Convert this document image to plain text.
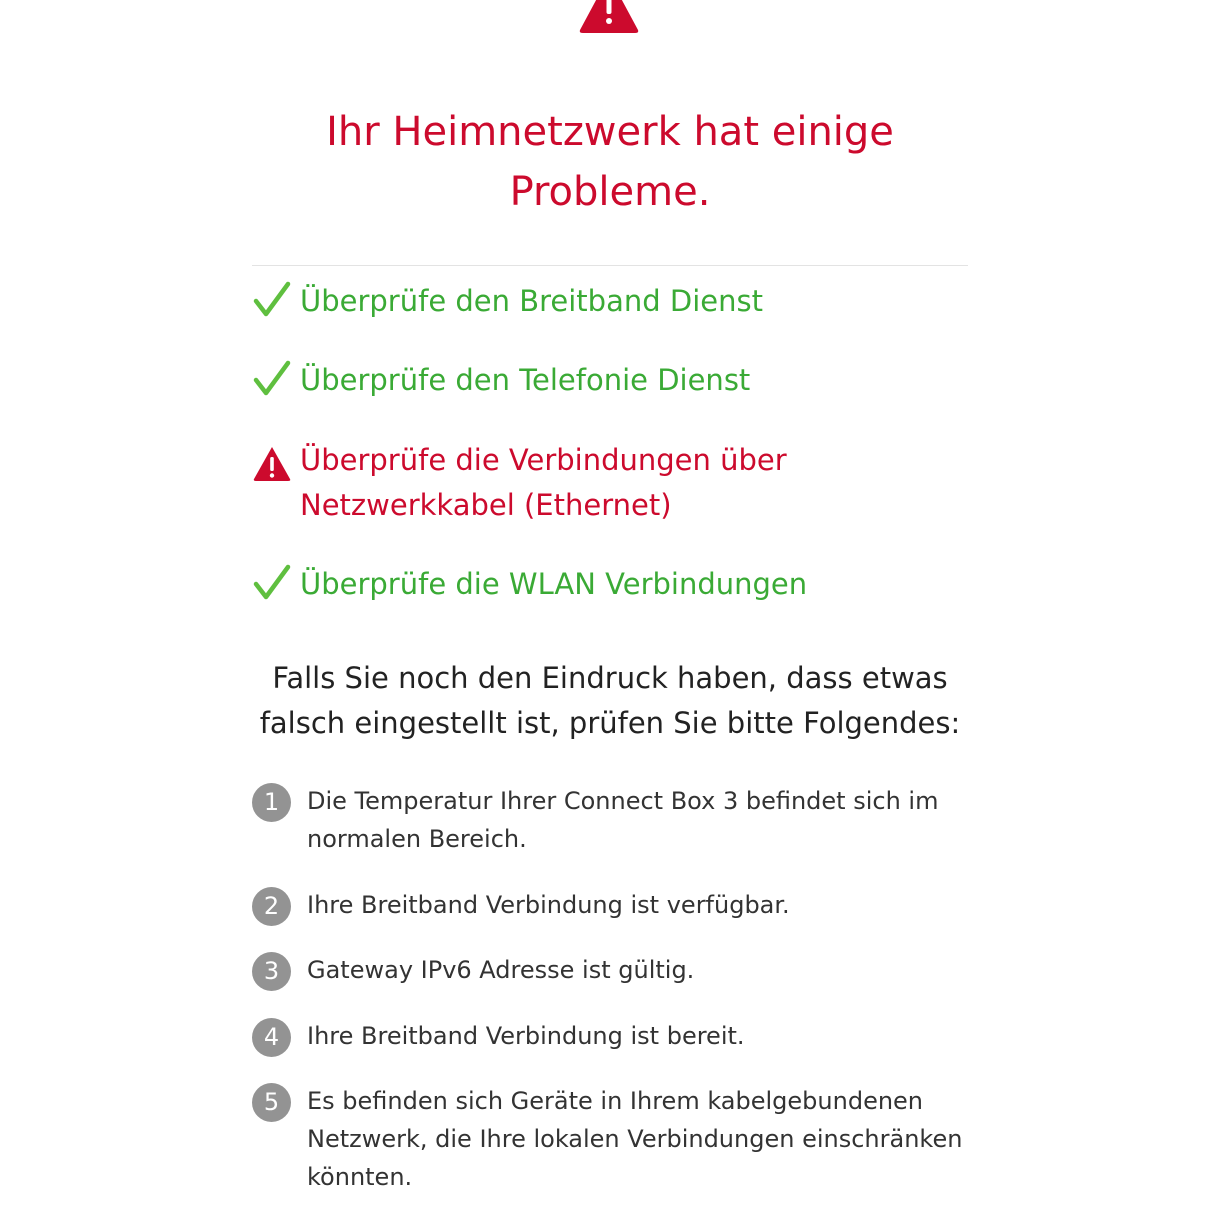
Ihr Heimnetzwerk hat einige
Probleme.
Überprüfe den Breitband Dienst
Überprüfe den Telefonie Dienst
Überprüfe die Verbindungen über
Netzwerkkabel (Ethernet)
Überprüfe die WLAN Verbindungen

Falls Sie noch den Eindruck haben, dass etwas
falsch eingestellt ist, prüfen Sie bitte Folgendes:

1	Die Temperatur Ihrer Connect Box 3 befindet sich im
normalen Bereich.
2	Ihre Breitband Verbindung ist verfügbar.
3	Gateway IPv6 Adresse ist gültig.
4	Ihre Breitband Verbindung ist bereit.
5	Es befinden sich Geräte in Ihrem kabelgebundenen
Netzwerk, die Ihre lokalen Verbindungen einschränken
könnten.
